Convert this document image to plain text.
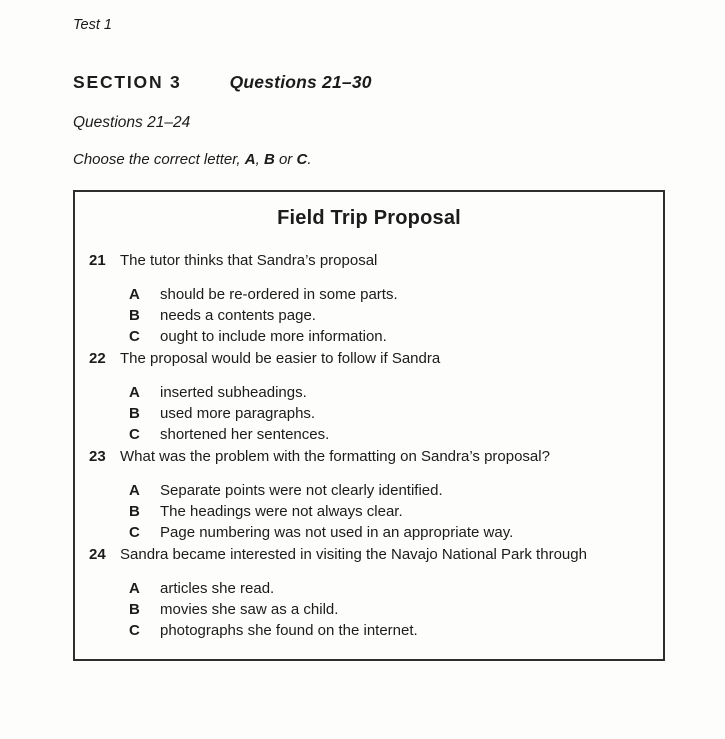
Test 1
SECTION 3	Questions 21–30
Questions 21–24
Choose the correct letter, A, B or C.
Field Trip Proposal
21 The tutor thinks that Sandra’s proposal
A	should be re-ordered in some parts.
B	needs a contents page.
C	ought to include more information.
22 The proposal would be easier to follow if Sandra
A	inserted subheadings.
B	used more paragraphs.
C	shortened her sentences.
23 What was the problem with the formatting on Sandra’s proposal?
A	Separate points were not clearly identified.
B	The headings were not always clear.
C	Page numbering was not used in an appropriate way.
24 Sandra became interested in visiting the Navajo National Park through
A	articles she read.
B	movies she saw as a child.
C	photographs she found on the internet.
